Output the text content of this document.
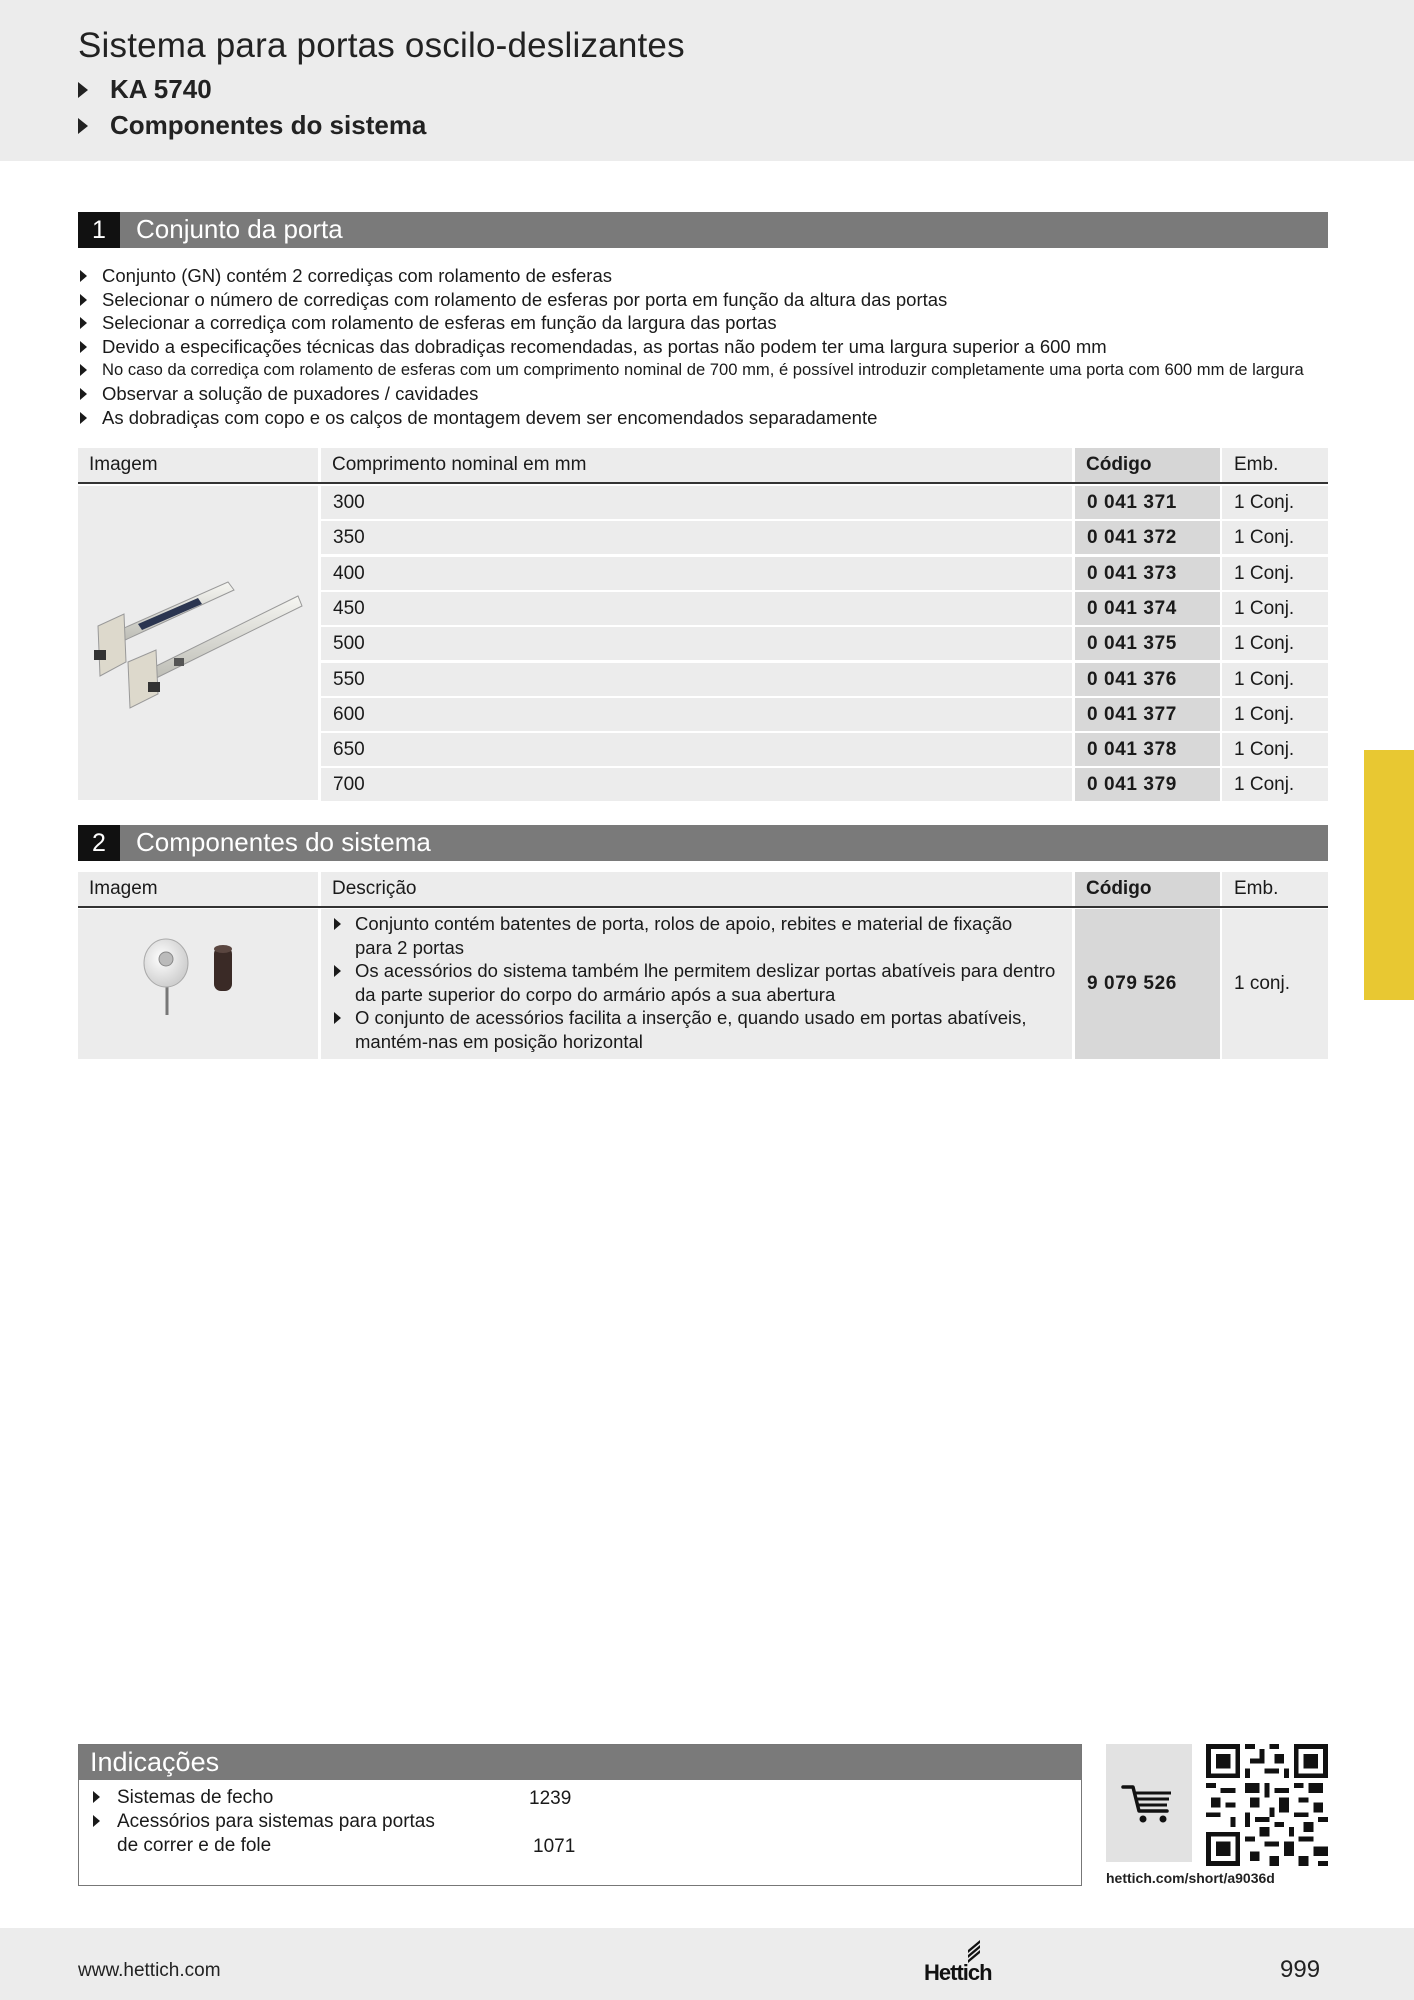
Sistema para portas oscilo-deslizantes
KA 5740
Componentes do sistema
1	Conjunto da porta
Conjunto (GN) contém 2 corrediças com rolamento de esferas
Selecionar o número de corrediças com rolamento de esferas por porta em função da altura das portas
Selecionar a corrediça com rolamento de esferas em função da largura das portas
Devido a especificações técnicas das dobradiças recomendadas, as portas não podem ter uma largura superior a 600 mm
No caso da corrediça com rolamento de esferas com um comprimento nominal de 700 mm, é possível introduzir completamente uma porta com 600 mm de largura
Observar a solução de puxadores / cavidades
As dobradiças com copo e os calços de montagem devem ser encomendados separadamente
Imagem	Comprimento nominal em mm	Código	Emb.
300	0 041 371	1 Conj.
350	0 041 372	1 Conj.
400	0 041 373	1 Conj.
450	0 041 374	1 Conj.
500	0 041 375	1 Conj.
550	0 041 376	1 Conj.
600	0 041 377	1 Conj.
650	0 041 378	1 Conj.
700	0 041 379	1 Conj.
2	Componentes do sistema
Imagem	Descrição	Código	Emb.
Conjunto contém batentes de porta, rolos de apoio, rebites e material de fixação para 2 portas
Os acessórios do sistema também lhe permitem deslizar portas abatíveis para dentro da parte superior do corpo do armário após a sua abertura
O conjunto de acessórios facilita a inserção e, quando usado em portas abatíveis, mantém-nas em posição horizontal
9 079 526	1 conj.
Indicações
Sistemas de fecho	1239
Acessórios para sistemas para portas
de correr e de fole	1071
hettich.com/short/a9036d
www.hettich.com	Hettich	999
